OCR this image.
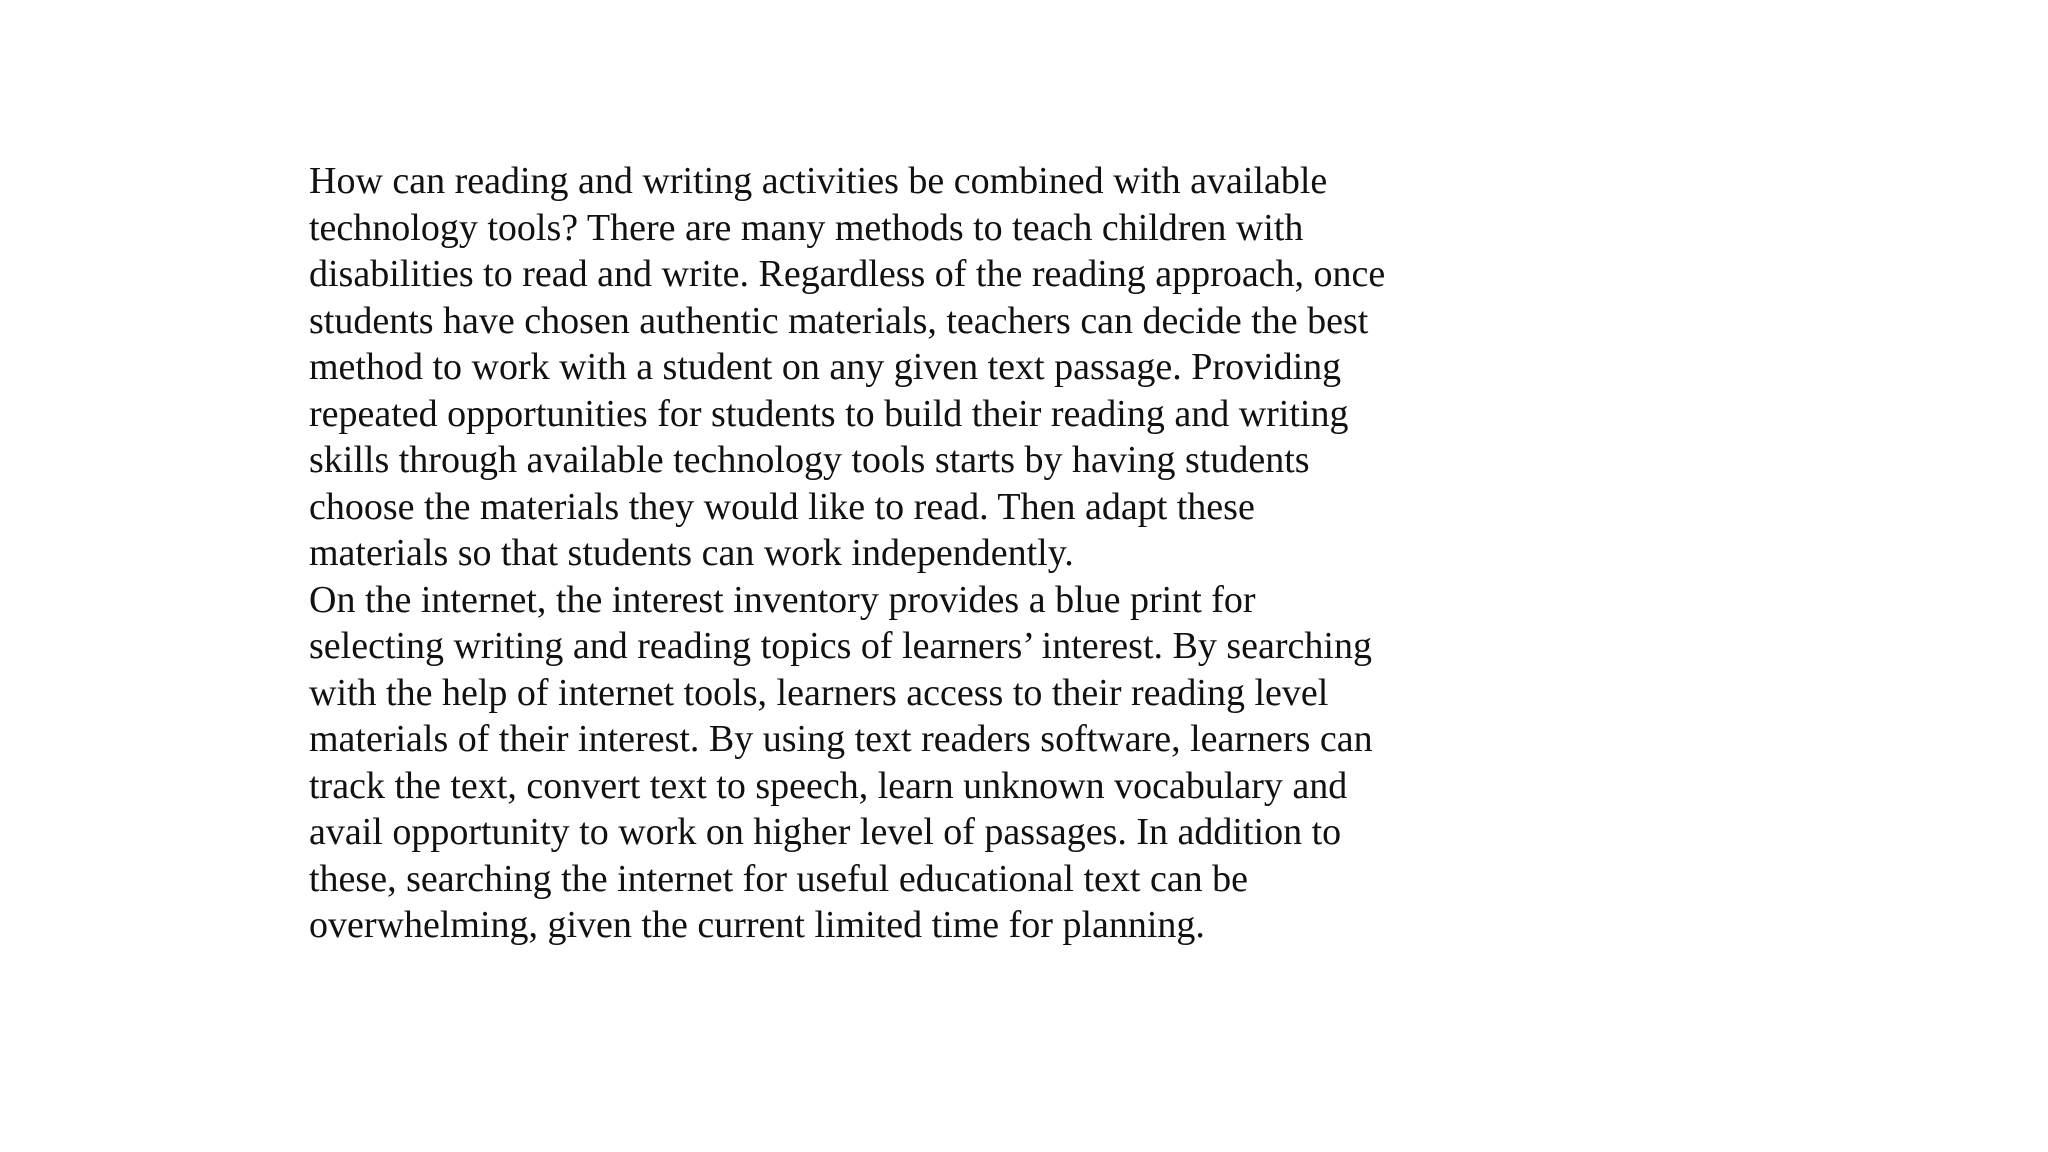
How can reading and writing activities be combined with available
technology tools? There are many methods to teach children with
disabilities to read and write. Regardless of the reading approach, once
students have chosen authentic materials, teachers can decide the best
method to work with a student on any given text passage. Providing
repeated opportunities for students to build their reading and writing
skills through available technology tools starts by having students
choose the materials they would like to read. Then adapt these
materials so that students can work independently.
On the internet, the interest inventory provides a blue print for
selecting writing and reading topics of learners’ interest. By searching
with the help of internet tools, learners access to their reading level
materials of their interest. By using text readers software, learners can
track the text, convert text to speech, learn unknown vocabulary and
avail opportunity to work on higher level of passages. In addition to
these, searching the internet for useful educational text can be
overwhelming, given the current limited time for planning.
